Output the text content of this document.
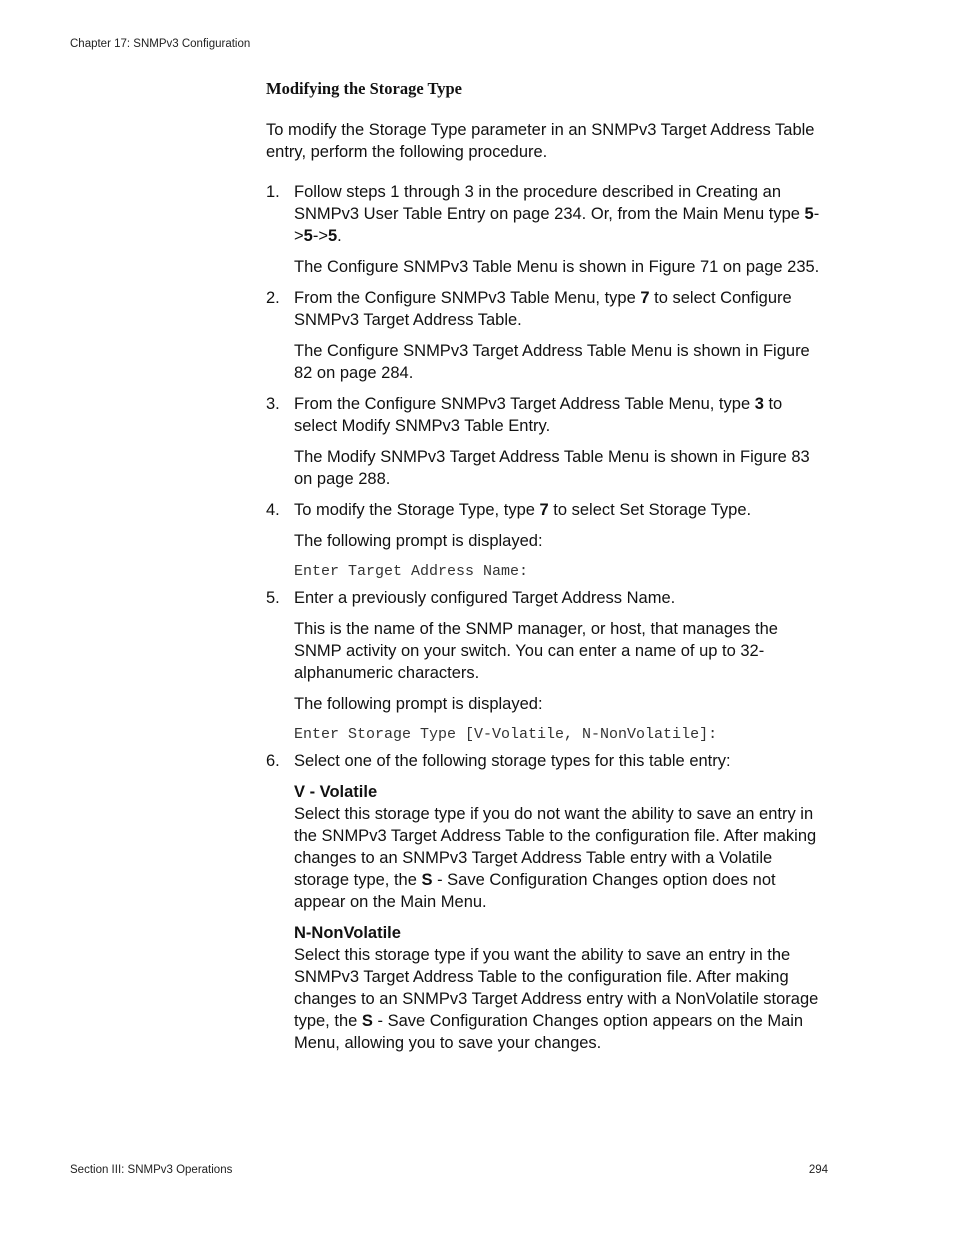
Chapter 17: SNMPv3 Configuration
Modifying the Storage Type

To modify the Storage Type parameter in an SNMPv3 Target Address Table entry, perform the following procedure.

1. Follow steps 1 through 3 in the procedure described in Creating an SNMPv3 User Table Entry on page 234. Or, from the Main Menu type 5->5->5.

The Configure SNMPv3 Table Menu is shown in Figure 71 on page 235.

2. From the Configure SNMPv3 Table Menu, type 7 to select Configure SNMPv3 Target Address Table.

The Configure SNMPv3 Target Address Table Menu is shown in Figure 82 on page 284.

3. From the Configure SNMPv3 Target Address Table Menu, type 3 to select Modify SNMPv3 Table Entry.

The Modify SNMPv3 Target Address Table Menu is shown in Figure 83 on page 288.

4. To modify the Storage Type, type 7 to select Set Storage Type.

The following prompt is displayed:

Enter Target Address Name:

5. Enter a previously configured Target Address Name.

This is the name of the SNMP manager, or host, that manages the SNMP activity on your switch. You can enter a name of up to 32- alphanumeric characters.

The following prompt is displayed:

Enter Storage Type [V-Volatile, N-NonVolatile]:

6. Select one of the following storage types for this table entry:
V - Volatile
Select this storage type if you do not want the ability to save an entry in the SNMPv3 Target Address Table to the configuration file. After making changes to an SNMPv3 Target Address Table entry with a Volatile storage type, the S - Save Configuration Changes option does not appear on the Main Menu.
N-NonVolatile
Select this storage type if you want the ability to save an entry in the SNMPv3 Target Address Table to the configuration file. After making changes to an SNMPv3 Target Address entry with a NonVolatile storage type, the S - Save Configuration Changes option appears on the Main Menu, allowing you to save your changes.
Section III: SNMPv3 Operations	294
